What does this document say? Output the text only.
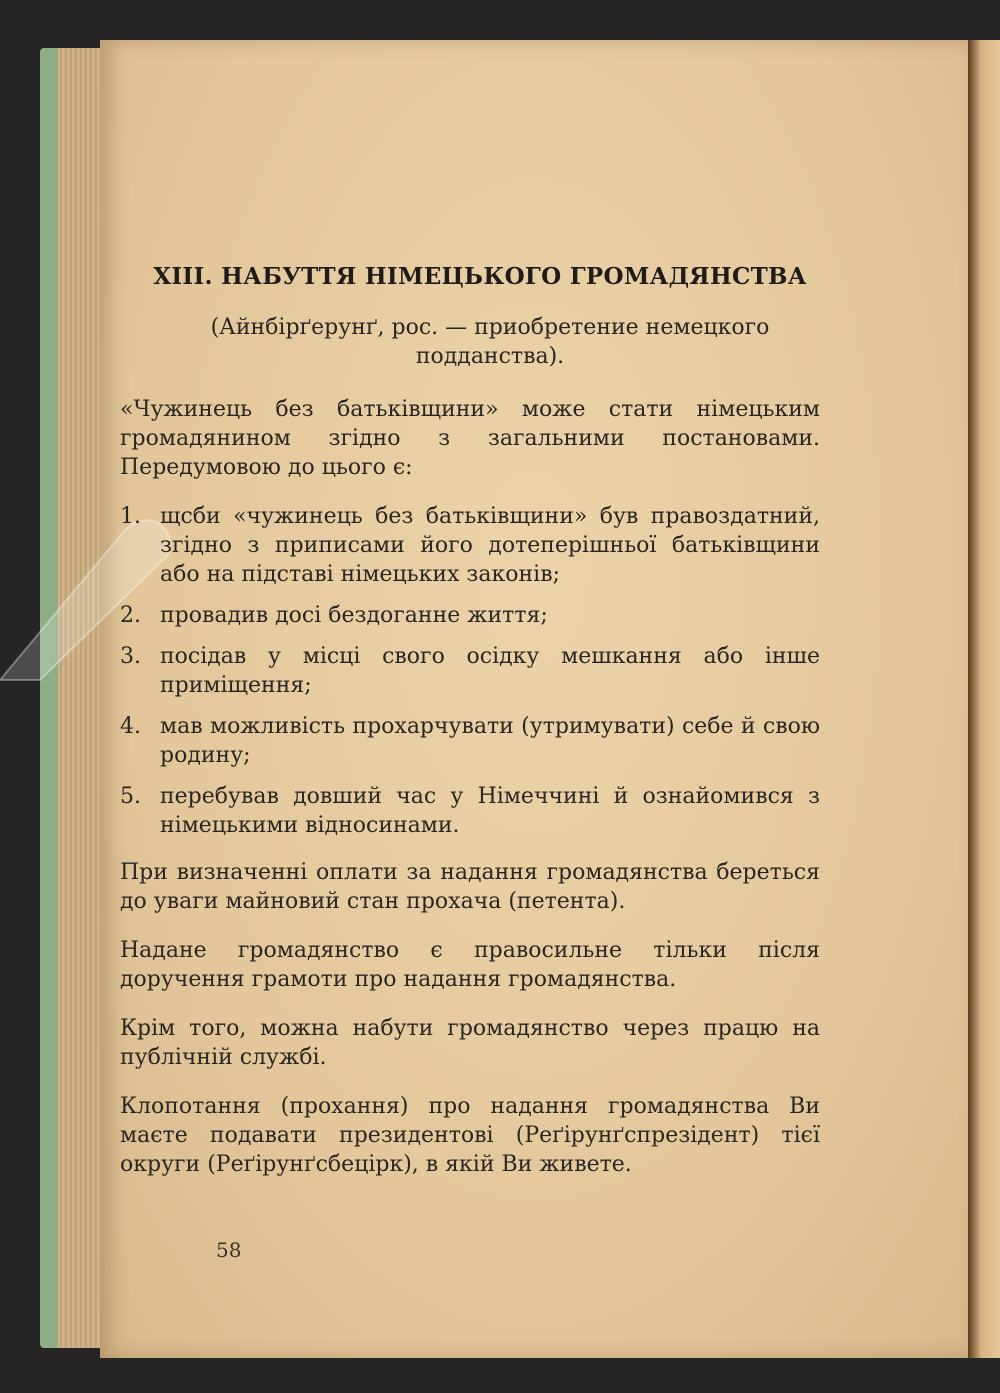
XIII. НАБУТТЯ НІМЕЦЬКОГО ГРОМАДЯНСТВА
(Айнбірґерунґ, рос. — приобретение немецкого подданства).

«Чужинець без батьківщини» може стати німецьким громадянином згідно з загальними постановами. Передумовою до цього є:

1. щсби «чужинець без батьківщини» був правоздатний, згідно з приписами його дотеперішньої батьківщини або на підставі німецьких законів;
2. провадив досі бездоганне життя;
3. посідав у місці свого осідку мешкання або інше приміщення;
4. мав можливість прохарчувати (утримувати) себе й свою родину;
5. перебував довший час у Німеччині й ознайомився з німецькими відносинами.

При визначенні оплати за надання громадянства береться до уваги майновий стан прохача (петента).

Надане громадянство є правосильне тільки після доручення грамоти про надання громадянства.

Крім того, можна набути громадянство через працю на публічній службі.

Клопотання (прохання) про надання громадянства Ви маєте подавати президентові (Реґірунґспрезідент) тієї округи (Реґірунґсбецірк), в якій Ви живете.

58
